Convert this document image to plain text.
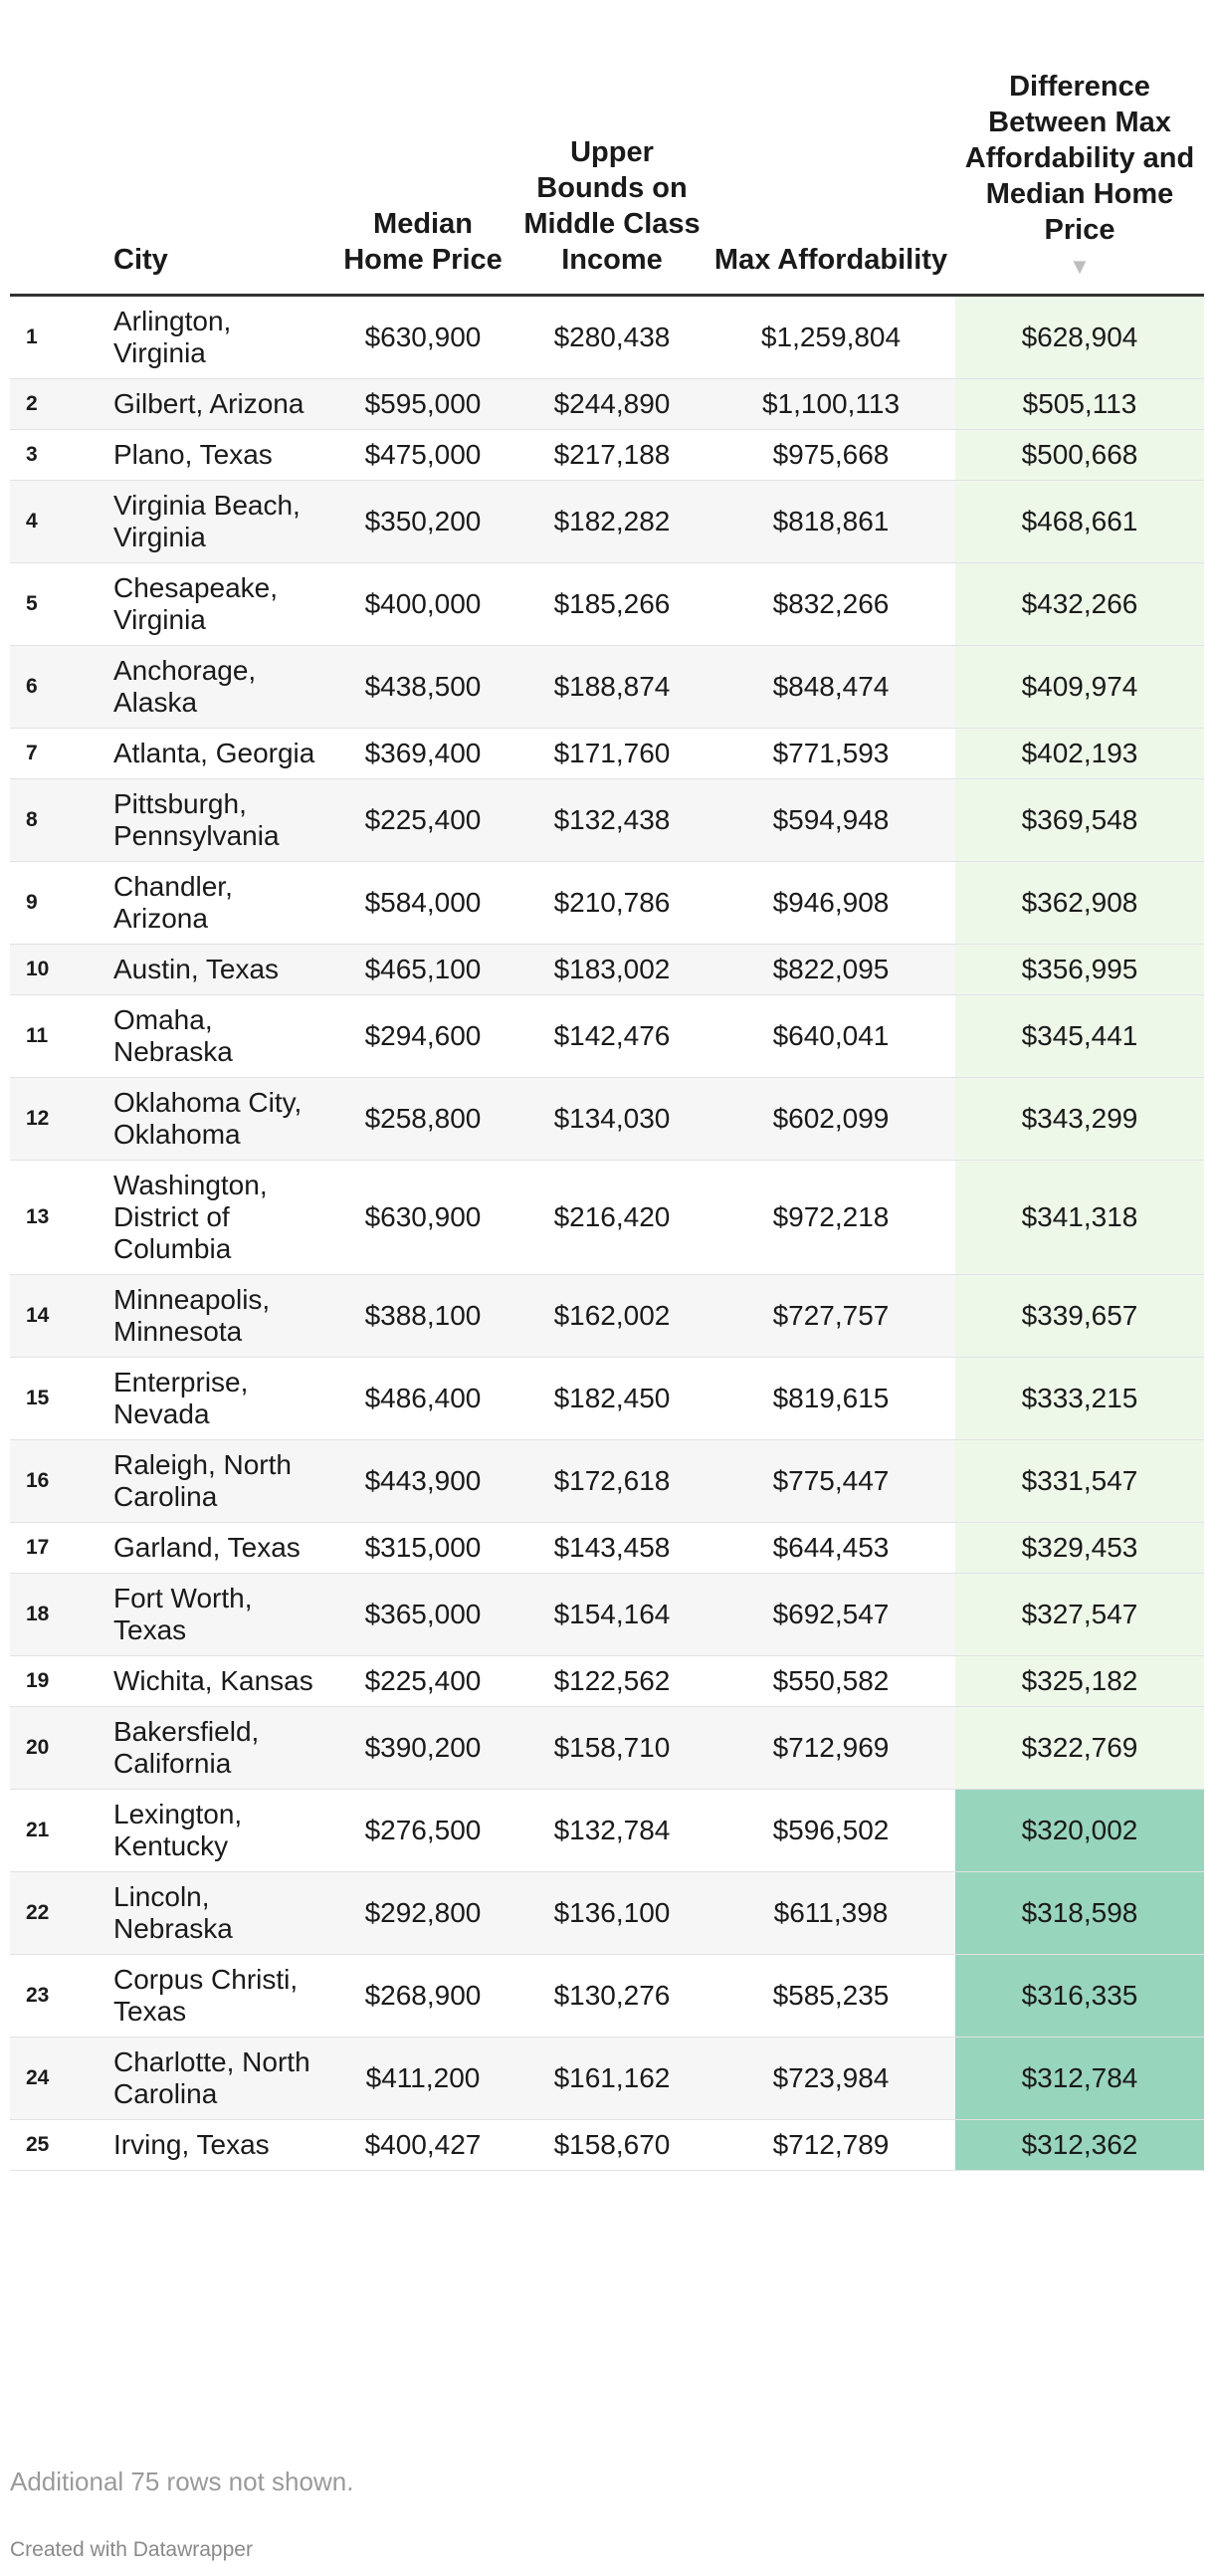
	City	Median Home Price	Upper Bounds on Middle Class Income	Max Affordability	Difference Between Max Affordability and Median Home Price
▼

1	Arlington, Virginia	$630,900	$280,438	$1,259,804	$628,904
2	Gilbert, Arizona	$595,000	$244,890	$1,100,113	$505,113
3	Plano, Texas	$475,000	$217,188	$975,668	$500,668
4	Virginia Beach, Virginia	$350,200	$182,282	$818,861	$468,661
5	Chesapeake, Virginia	$400,000	$185,266	$832,266	$432,266
6	Anchorage, Alaska	$438,500	$188,874	$848,474	$409,974
7	Atlanta, Georgia	$369,400	$171,760	$771,593	$402,193
8	Pittsburgh, Pennsylvania	$225,400	$132,438	$594,948	$369,548
9	Chandler, Arizona	$584,000	$210,786	$946,908	$362,908
10	Austin, Texas	$465,100	$183,002	$822,095	$356,995
11	Omaha, Nebraska	$294,600	$142,476	$640,041	$345,441
12	Oklahoma City, Oklahoma	$258,800	$134,030	$602,099	$343,299
13	Washington, District of Columbia	$630,900	$216,420	$972,218	$341,318
14	Minneapolis, Minnesota	$388,100	$162,002	$727,757	$339,657
15	Enterprise, Nevada	$486,400	$182,450	$819,615	$333,215
16	Raleigh, North Carolina	$443,900	$172,618	$775,447	$331,547
17	Garland, Texas	$315,000	$143,458	$644,453	$329,453
18	Fort Worth, Texas	$365,000	$154,164	$692,547	$327,547
19	Wichita, Kansas	$225,400	$122,562	$550,582	$325,182
20	Bakersfield, California	$390,200	$158,710	$712,969	$322,769
21	Lexington, Kentucky	$276,500	$132,784	$596,502	$320,002
22	Lincoln, Nebraska	$292,800	$136,100	$611,398	$318,598
23	Corpus Christi, Texas	$268,900	$130,276	$585,235	$316,335
24	Charlotte, North Carolina	$411,200	$161,162	$723,984	$312,784
25	Irving, Texas	$400,427	$158,670	$712,789	$312,362
Additional 75 rows not shown.
Created with Datawrapper
